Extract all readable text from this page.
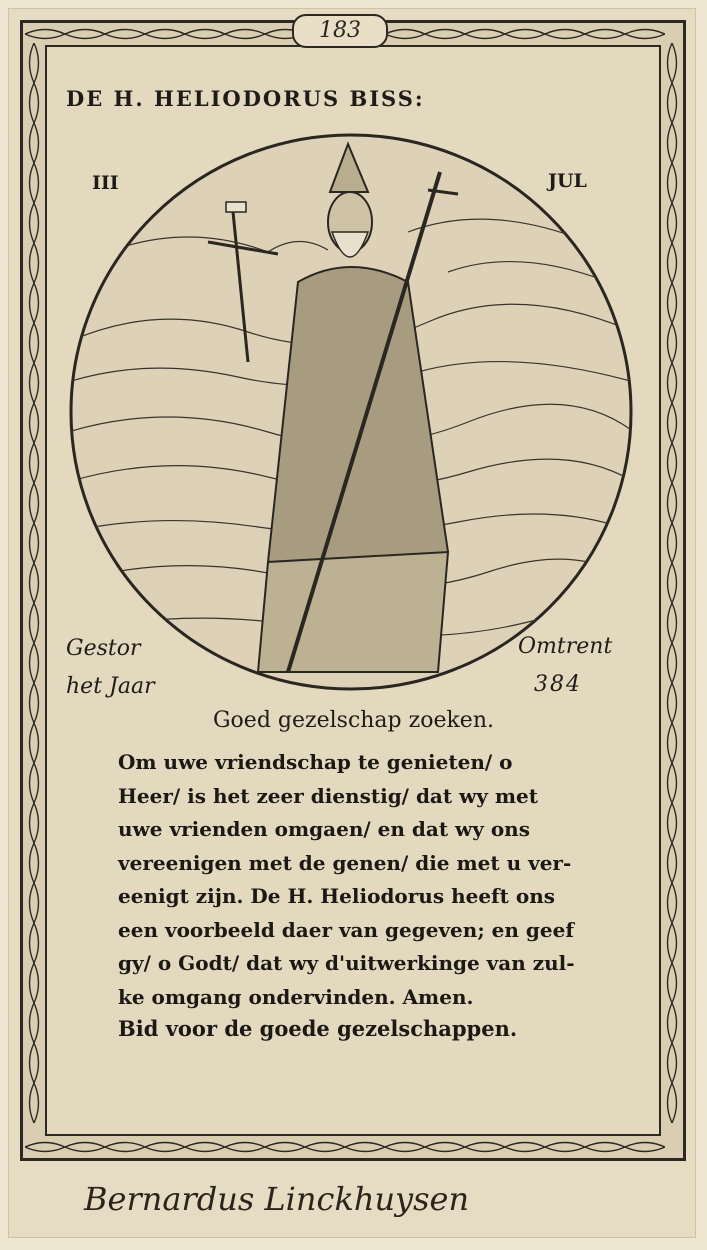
183
DE H. HELIODORUS BISS:
III	JUL
Gestor	Omtrent
het Jaar	384
Goed gezelschap zoeken.
Om uwe vriendschap te genieten/ o
Heer/ is het zeer dienstig/ dat wy met
uwe vrienden omgaen/ en dat wy ons
vereenigen met de genen/ die met u ver-
eenigt zijn. De H. Heliodorus heeft ons
een voorbeeld daer van gegeven; en geef
gy/ o Godt/ dat wy d'uitwerkinge van zul-
ke omgang ondervinden. Amen.
Bid voor de goede gezelschappen.
Bernardus Linckhuysen
